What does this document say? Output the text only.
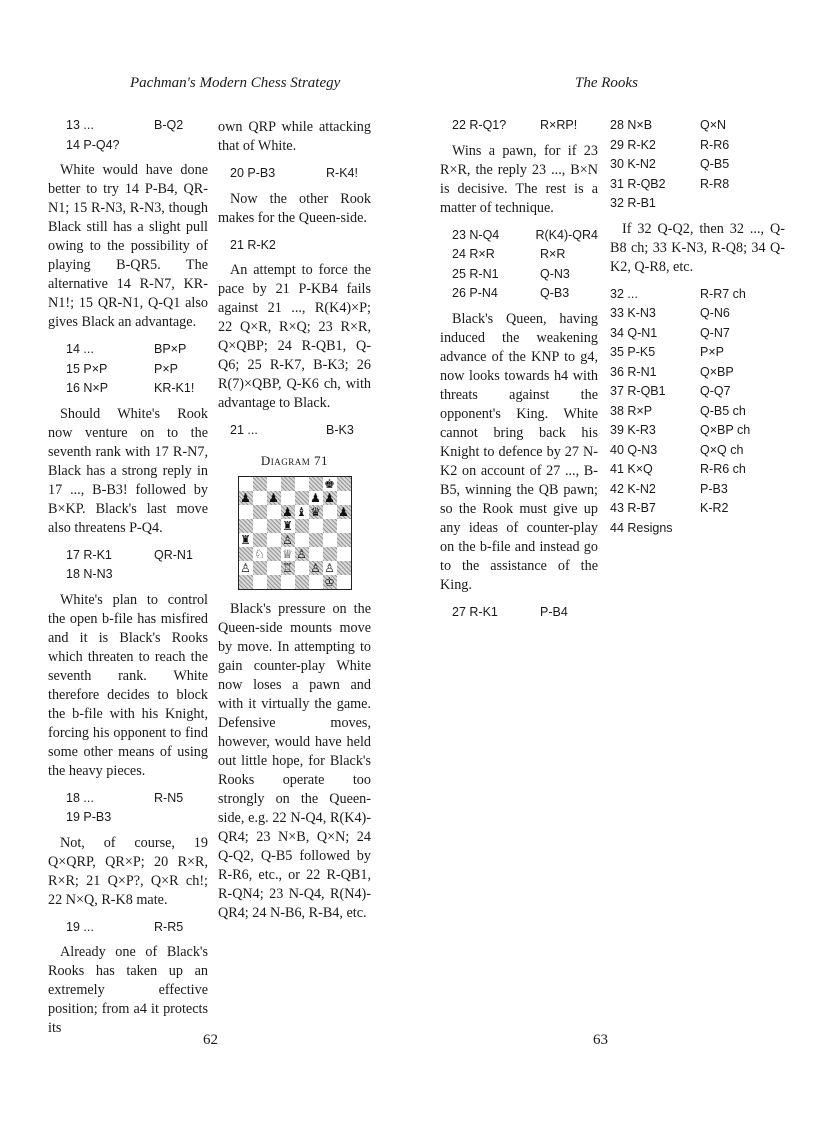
Pachman's Modern Chess Strategy
13 ...	B-Q2
14 P-Q4?

White would have done better to try 14 P-B4, QR-N1; 15 R-N3, R-N3, though Black still has a slight pull owing to the possibility of playing B-QR5. The alternative 14 R-N7, KR-N1!; 15 QR-N1, Q-Q1 also gives Black an advantage.

14 ...	BP×P
15 P×P	P×P
16 N×P	KR-K1!

Should White's Rook now venture on to the seventh rank with 17 R-N7, Black has a strong reply in 17 ..., B-B3! followed by B×KP. Black's last move also threatens P-Q4.

17 R-K1	QR-N1
18 N-N3

White's plan to control the open b-file has misfired and it is Black's Rooks which threaten to reach the seventh rank. White therefore decides to block the b-file with his Knight, forcing his opponent to find some other means of using the heavy pieces.

18 ...	R-N5
19 P-B3

Not, of course, 19 Q×QRP, QR×P; 20 R×R, R×R; 21 Q×P?, Q×R ch!; 22 N×Q, R-K8 mate.

19 ...	R-R5

Already one of Black's Rooks has taken up an extremely effective position; from a4 it protects its

own QRP while attacking that of White.

20 P-B3	R-K4!

Now the other Rook makes for the Queen-side.

21 R-K2

An attempt to force the pace by 21 P-KB4 fails against 21 ..., R(K4)×P; 22 Q×R, R×Q; 23 R×R, Q×QBP; 24 R-QB1, Q-Q6; 25 R-K7, B-K3; 26 R(7)×QBP, Q-K6 ch, with advantage to Black.

21 ...	B-K3
Diagram 71
♚
♟ ♟	♟ ♟
♟ ♝ ♛ ♟
♜
♜	♙
♘ ♕ ♙
♙	♖ ♙ ♙
♔

Black's pressure on the Queen-side mounts move by move. In attempting to gain counter-play White now loses a pawn and with it virtually the game. Defensive moves, however, would have held out little hope, for Black's Rooks operate too strongly on the Queen-side, e.g. 22 N-Q4, R(K4)-QR4; 23 N×B, Q×N; 24 Q-Q2, Q-B5 followed by R-R6, etc., or 22 R-QB1, R-QN4; 23 N-Q4, R(N4)-QR4; 24 N-B6, R-B4, etc.

62
The Rooks
22 R-Q1?	R×RP!

Wins a pawn, for if 23 R×R, the reply 23 ..., B×N is decisive. The rest is a matter of technique.

23 N-Q4	R(K4)-QR4
24 R×R	R×R
25 R-N1	Q-N3
26 P-N4	Q-B3

Black's Queen, having induced the weakening advance of the KNP to g4, now looks towards h4 with threats against the opponent's King. White cannot bring back his Knight to defence by 27 N-K2 on account of 27 ..., B-B5, winning the QB pawn; so the Rook must give up any ideas of counter-play on the b-file and instead go to the assistance of the King.

27 R-K1	P-B4
28 N×B	Q×N
29 R-K2	R-R6
30 K-N2	Q-B5
31 R-QB2	R-R8
32 R-B1

If 32 Q-Q2, then 32 ..., Q-B8 ch; 33 K-N3, R-Q8; 34 Q-K2, Q-R8, etc.

32 ...	R-R7 ch
33 K-N3	Q-N6
34 Q-N1	Q-N7
35 P-K5	P×P
36 R-N1	Q×BP
37 R-QB1	Q-Q7
38 R×P	Q-B5 ch
39 K-R3	Q×BP ch
40 Q-N3	Q×Q ch
41 K×Q	R-R6 ch
42 K-N2	P-B3
43 R-B7	K-R2
44 Resigns
63
